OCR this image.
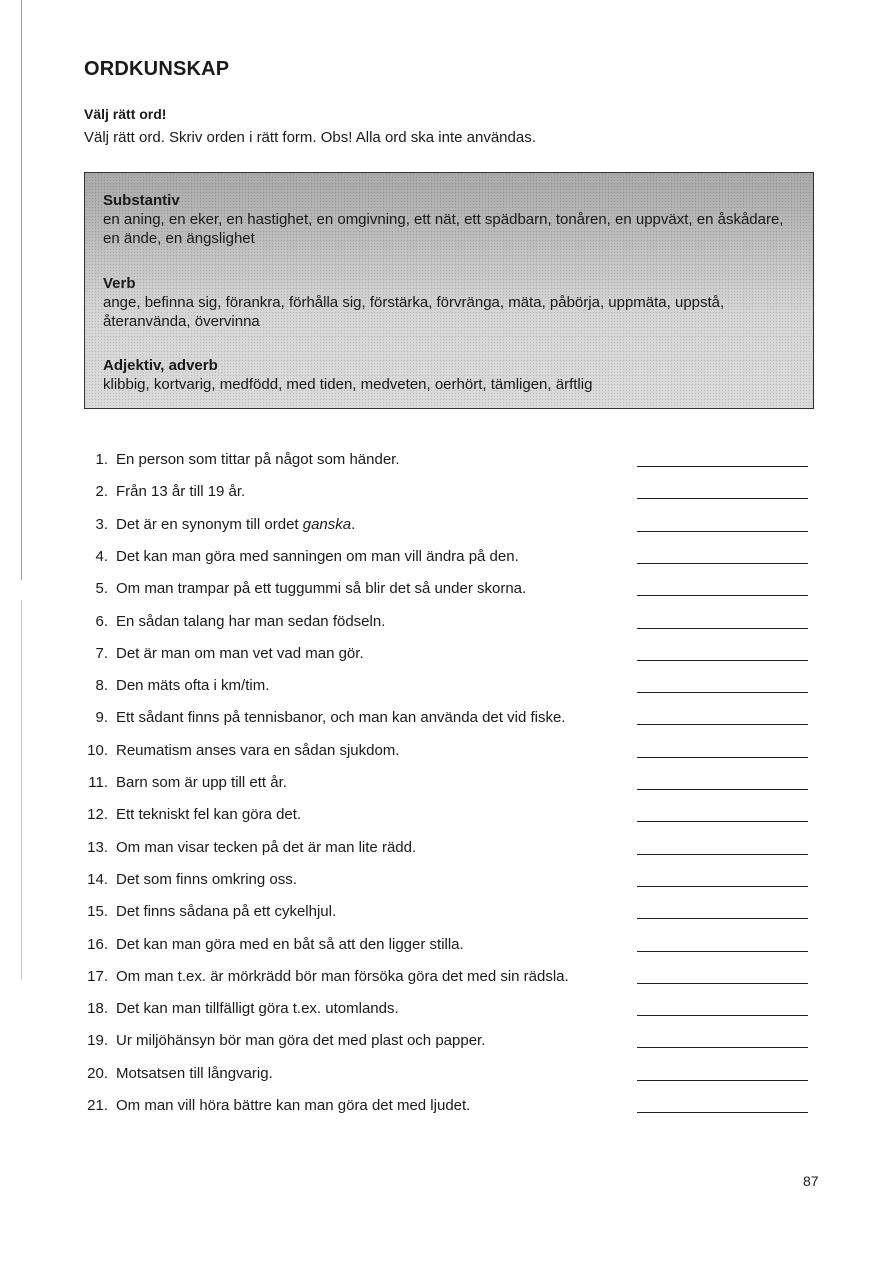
ORDKUNSKAP

Välj rätt ord!

Välj rätt ord. Skriv orden i rätt form. Obs! Alla ord ska inte användas.

Substantiv
en aning, en eker, en hastighet, en omgivning, ett nät, ett spädbarn, tonåren, en uppväxt, en åskådare, en ände, en ängslighet
Verb
ange, befinna sig, förankra, förhålla sig, förstärka, förvränga, mäta, påbörja, uppmäta, uppstå, återanvända, övervinna
Adjektiv, adverb
klibbig, kortvarig, medfödd, med tiden, medveten, oerhört, tämligen, ärftlig
1. En person som tittar på något som händer.
2. Från 13 år till 19 år.
3. Det är en synonym till ordet ganska.
4. Det kan man göra med sanningen om man vill ändra på den.
5. Om man trampar på ett tuggummi så blir det så under skorna.
6. En sådan talang har man sedan födseln.
7. Det är man om man vet vad man gör.
8. Den mäts ofta i km/tim.
9. Ett sådant finns på tennisbanor, och man kan använda det vid fiske.
10. Reumatism anses vara en sådan sjukdom.
11. Barn som är upp till ett år.
12. Ett tekniskt fel kan göra det.
13. Om man visar tecken på det är man lite rädd.
14. Det som finns omkring oss.
15. Det finns sådana på ett cykelhjul.
16. Det kan man göra med en båt så att den ligger stilla.
17. Om man t.ex. är mörkrädd bör man försöka göra det med sin rädsla.
18. Det kan man tillfälligt göra t.ex. utomlands.
19. Ur miljöhänsyn bör man göra det med plast och papper.
20. Motsatsen till långvarig.
21. Om man vill höra bättre kan man göra det med ljudet.
87
